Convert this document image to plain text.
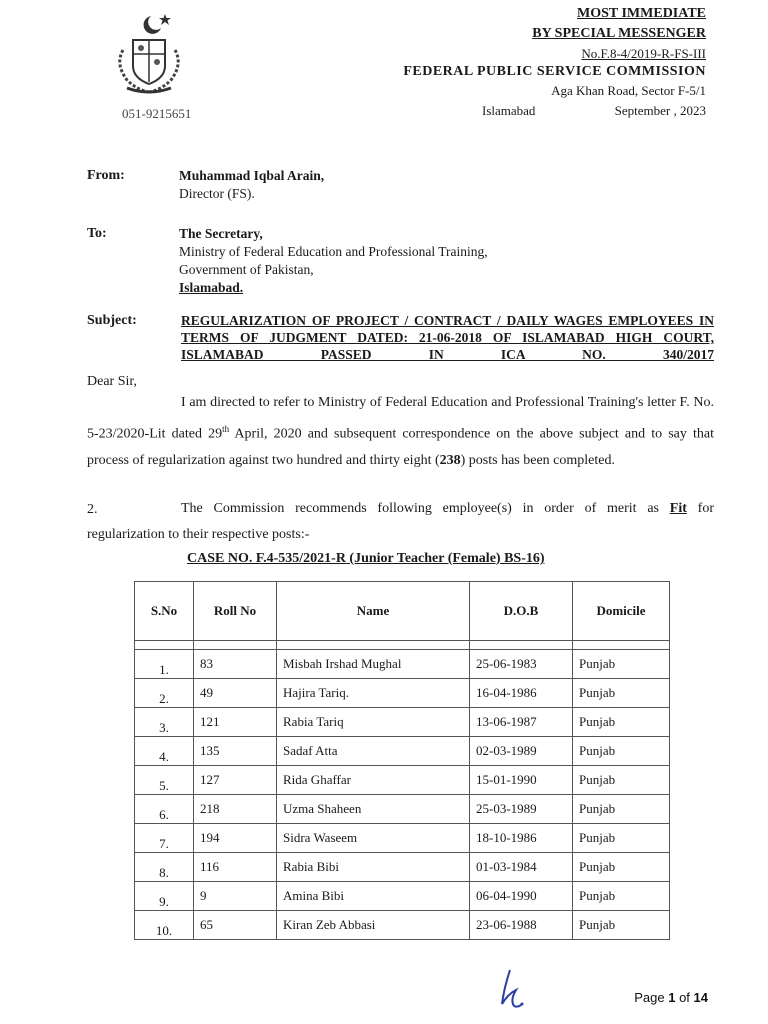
051-9215651
MOST IMMEDIATE
BY SPECIAL MESSENGER
No.F.8-4/2019-R-FS-III
FEDERAL PUBLIC SERVICE COMMISSION
Aga Khan Road, Sector F-5/1
Islamabad	September , 2023
From:	Muhammad Iqbal Arain,
Director (FS).
To:	The Secretary,
Ministry of Federal Education and Professional Training,
Government of Pakistan,
Islamabad.
Subject:	REGULARIZATION OF PROJECT / CONTRACT / DAILY WAGES EMPLOYEES IN TERMS OF JUDGMENT DATED: 21-06-2018 OF ISLAMABAD HIGH COURT, ISLAMABAD PASSED IN ICA NO. 340/2017
Dear Sir,
I am directed to refer to Ministry of Federal Education and Professional Training's letter F. No. 5-23/2020-Lit dated 29th April, 2020 and subsequent correspondence on the above subject and to say that process of regularization against two hundred and thirty eight (238) posts has been completed.
2.	The Commission recommends following employee(s) in order of merit as Fit for regularization to their respective posts:-
CASE NO. F.4-535/2021-R (Junior Teacher (Female) BS-16)
S.No	Roll No	Name	D.O.B	Domicile

1.	83	Misbah Irshad Mughal	25-06-1983	Punjab
2.	49	Hajira Tariq.	16-04-1986	Punjab
3.	121	Rabia Tariq	13-06-1987	Punjab
4.	135	Sadaf Atta	02-03-1989	Punjab
5.	127	Rida Ghaffar	15-01-1990	Punjab
6.	218	Uzma Shaheen	25-03-1989	Punjab
7.	194	Sidra Waseem	18-10-1986	Punjab
8.	116	Rabia Bibi	01-03-1984	Punjab
9.	9	Amina Bibi	06-04-1990	Punjab
10.	65	Kiran Zeb Abbasi	23-06-1988	Punjab
Page 1 of 14
